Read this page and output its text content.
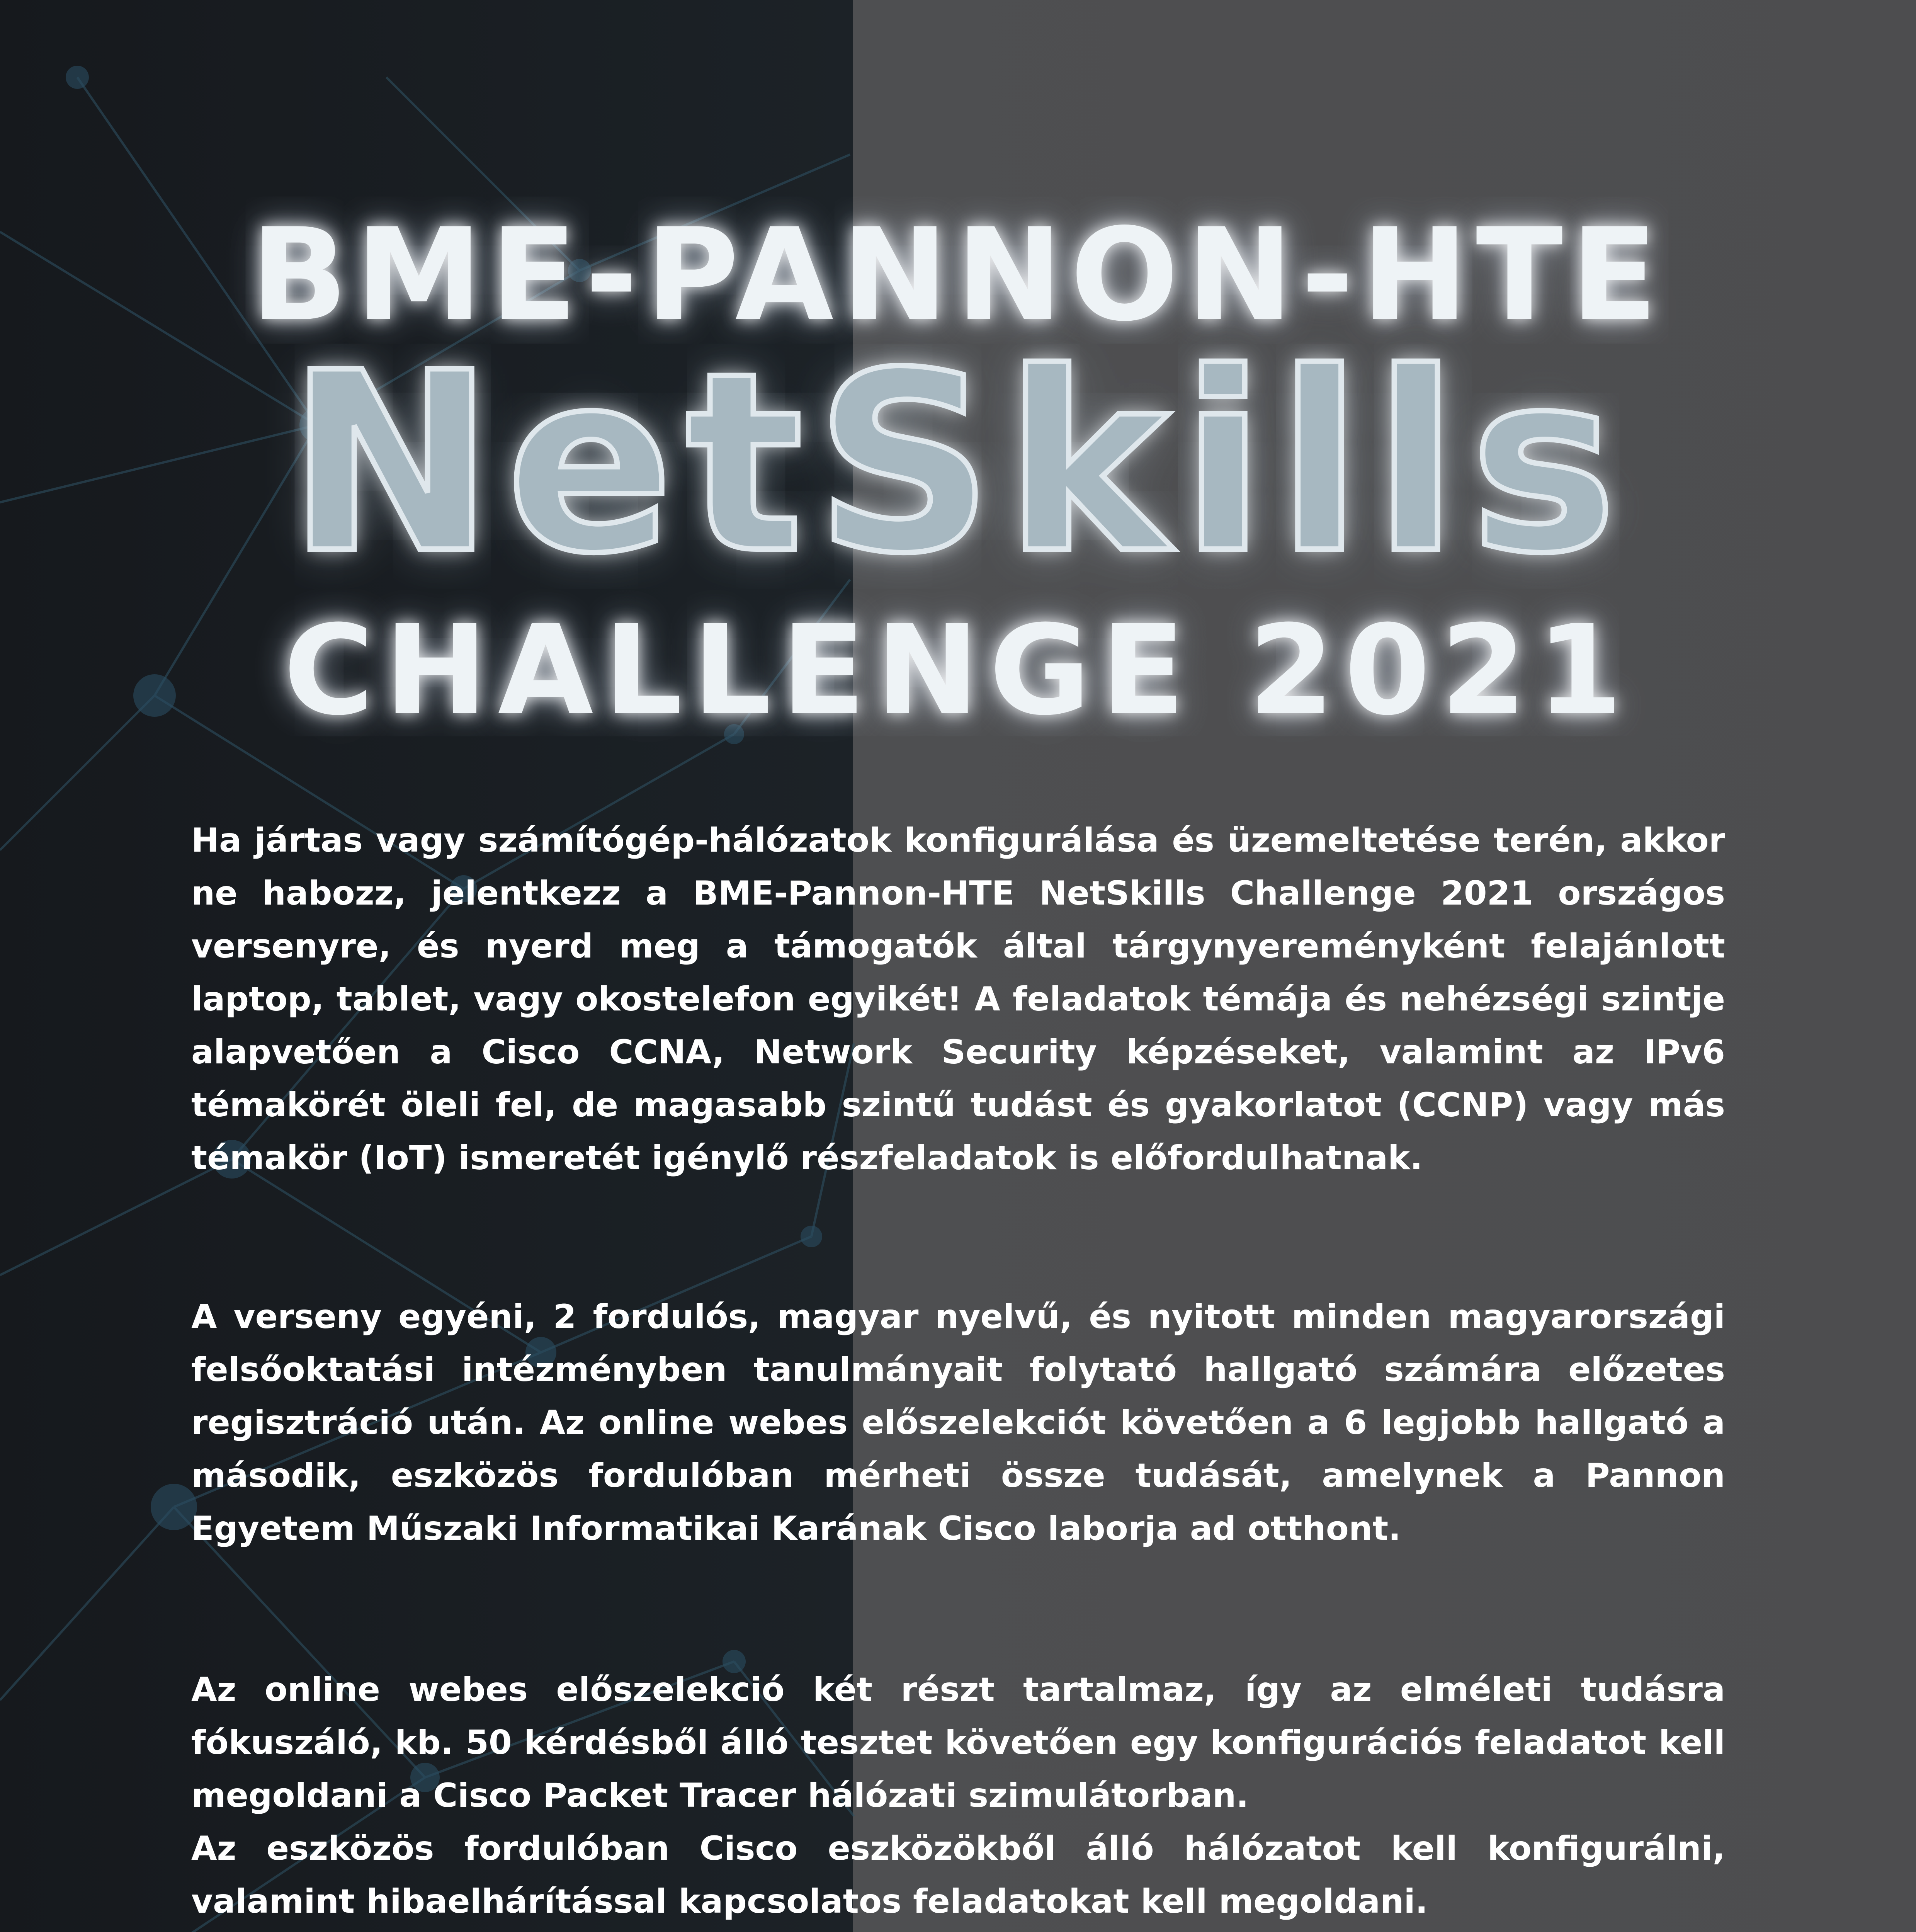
BME-PANNON-HTE
NetSkills
CHALLENGE 2021

Ha jártas vagy számítógép-hálózatok konfigurálása és üzemeltetése terén, akkor ne habozz, jelentkezz a BME-Pannon-HTE NetSkills Challenge 2021 országos versenyre, és nyerd meg a támogatók által tárgynyereményként felajánlott laptop, tablet, vagy okostelefon egyikét! A feladatok témája és nehézségi szintje alapvetően a Cisco CCNA, Network Security képzéseket, valamint az IPv6 témakörét öleli fel, de magasabb szintű tudást és gyakorlatot (CCNP) vagy más témakör (IoT) ismeretét igénylő részfeladatok is előfordulhatnak.

A verseny egyéni, 2 fordulós, magyar nyelvű, és nyitott minden magyarországi felsőoktatási intézményben tanulmányait folytató hallgató számára előzetes regisztráció után. Az online webes előszelekciót követően a 6 legjobb hallgató a második, eszközös fordulóban mérheti össze tudását, amelynek a Pannon Egyetem Műszaki Informatikai Karának Cisco laborja ad otthont.

Az online webes előszelekció két részt tartalmaz, így az elméleti tudásra fókuszáló, kb. 50 kérdésből álló tesztet követően egy konfigurációs feladatot kell megoldani a Cisco Packet Tracer hálózati szimulátorban.
Az eszközös fordulóban Cisco eszközökből álló hálózatot kell konfigurálni, valamint hibaelhárítással kapcsolatos feladatokat kell megoldani.
